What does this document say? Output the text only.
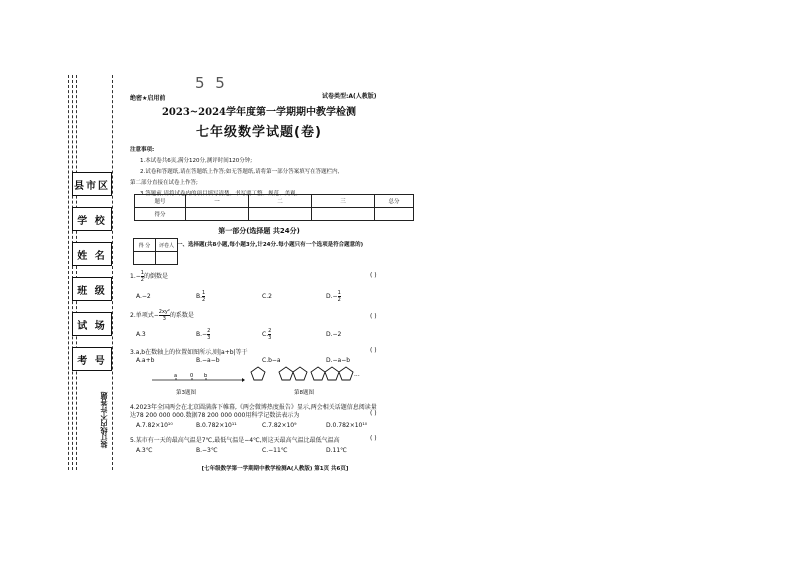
县市区
学 校
姓 名
班 级
试 场
考 号
装订线内不许答题
5 5
绝密★启用前	试卷类型:A(人教版)
2023~2024学年度第一学期期中教学检测
七年级数学试题(卷)
注意事项:
1.本试卷共6页,满分120分,测评时间120分钟;
2.试卷和答题纸,请在答题纸上作答;如无答题纸,请将第一部分答案填写在答题栏内,
第二部分直接在试卷上作答;
3.答题前,请将试卷内的项目填写清楚。书写要工整、规范、美观。
题号	一	二	三	总分
得分				
第一部分(选择题 共24分)
得 分	评卷人
	一、选择题(共8小题,每小题3分,计24分.每小题只有一个选项是符合题意的)
$1.- \frac{1}{2}$ 的倒数是	( )
A.−2	B. $\frac{1}{2}$	C.2	$D.- \frac{1}{2}$
2.单项式− $\frac{\text{2xy²}}{3}$ 的系数是	( )
A.3	$B.- \frac{2}{3}$	C. $\frac{2}{3}$	D.−2
3.a,b在数轴上的位置如图所示,则|a+b|等于	( )
A.a+b	B.−a−b	C.b−a	D.−a−b
a	0 b
第3题图
···
第8题图
4.2023年全国两会在北京圆满落下帷幕,《两会微博热度报告》显示,两会相关话题信息阅读量
达78 200 000 000.数据78 200 000 000用科学记数法表示为	( )
A.7.82×10¹⁰	B.0.782×10¹¹	C.7.82×10⁹	D.0.782×10¹⁰
5.某市有一天的最高气温是7℃,最低气温是−4℃,则这天最高气温比最低气温高	( )
A.3℃	B.−3℃	C.−11℃	D.11℃
[七年级数学第一学期期中教学检测A(人教版) 第1页 共6页]
